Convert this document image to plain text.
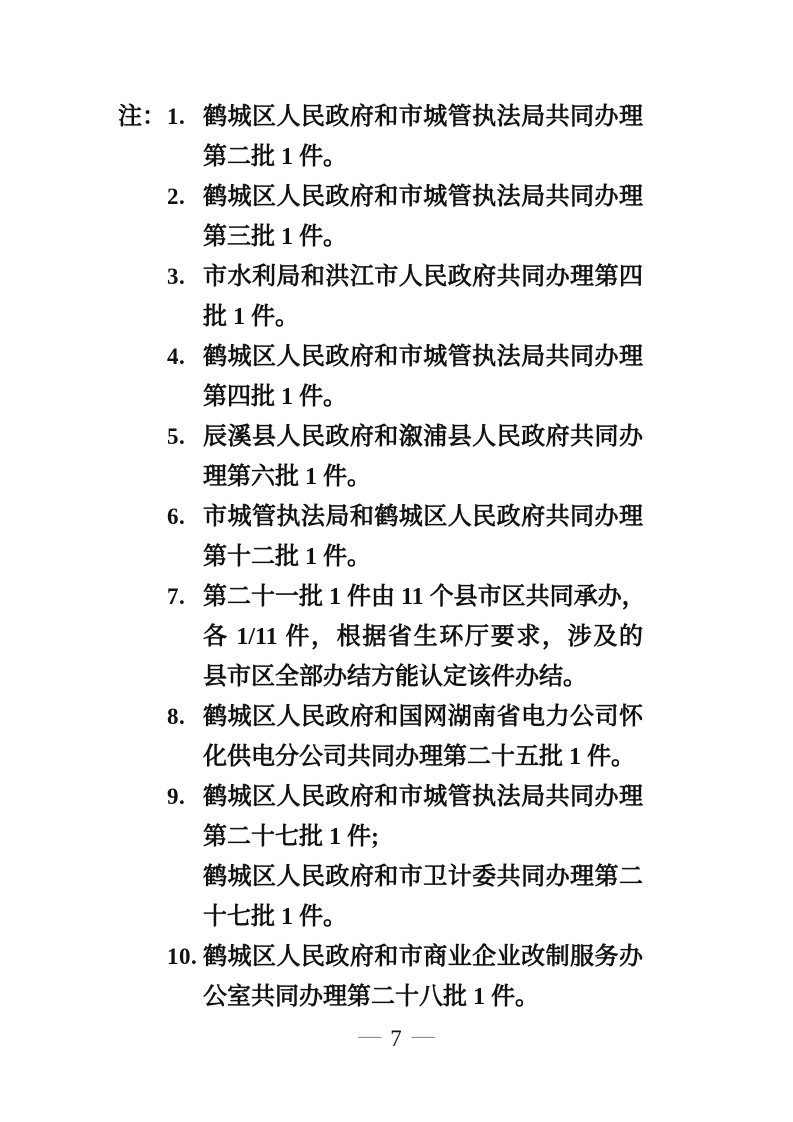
注： 1. 鹤城区人民政府和市城管执法局共同办理
第二批 1 件。
2. 鹤城区人民政府和市城管执法局共同办理
第三批 1 件。
3. 市水利局和洪江市人民政府共同办理第四
批 1 件。
4. 鹤城区人民政府和市城管执法局共同办理
第四批 1 件。
5. 辰溪县人民政府和溆浦县人民政府共同办
理第六批 1 件。
6. 市城管执法局和鹤城区人民政府共同办理
第十二批 1 件。
7. 第二十一批 1 件由 11 个县市区共同承办，
各 1/11 件，根据省生环厅要求，涉及的
县市区全部办结方能认定该件办结。
8. 鹤城区人民政府和国网湖南省电力公司怀
化供电分公司共同办理第二十五批 1 件。
9. 鹤城区人民政府和市城管执法局共同办理
第二十七批 1 件;
鹤城区人民政府和市卫计委共同办理第二
十七批 1 件。
10. 鹤城区人民政府和市商业企业改制服务办
公室共同办理第二十八批 1 件。
— 7 —
